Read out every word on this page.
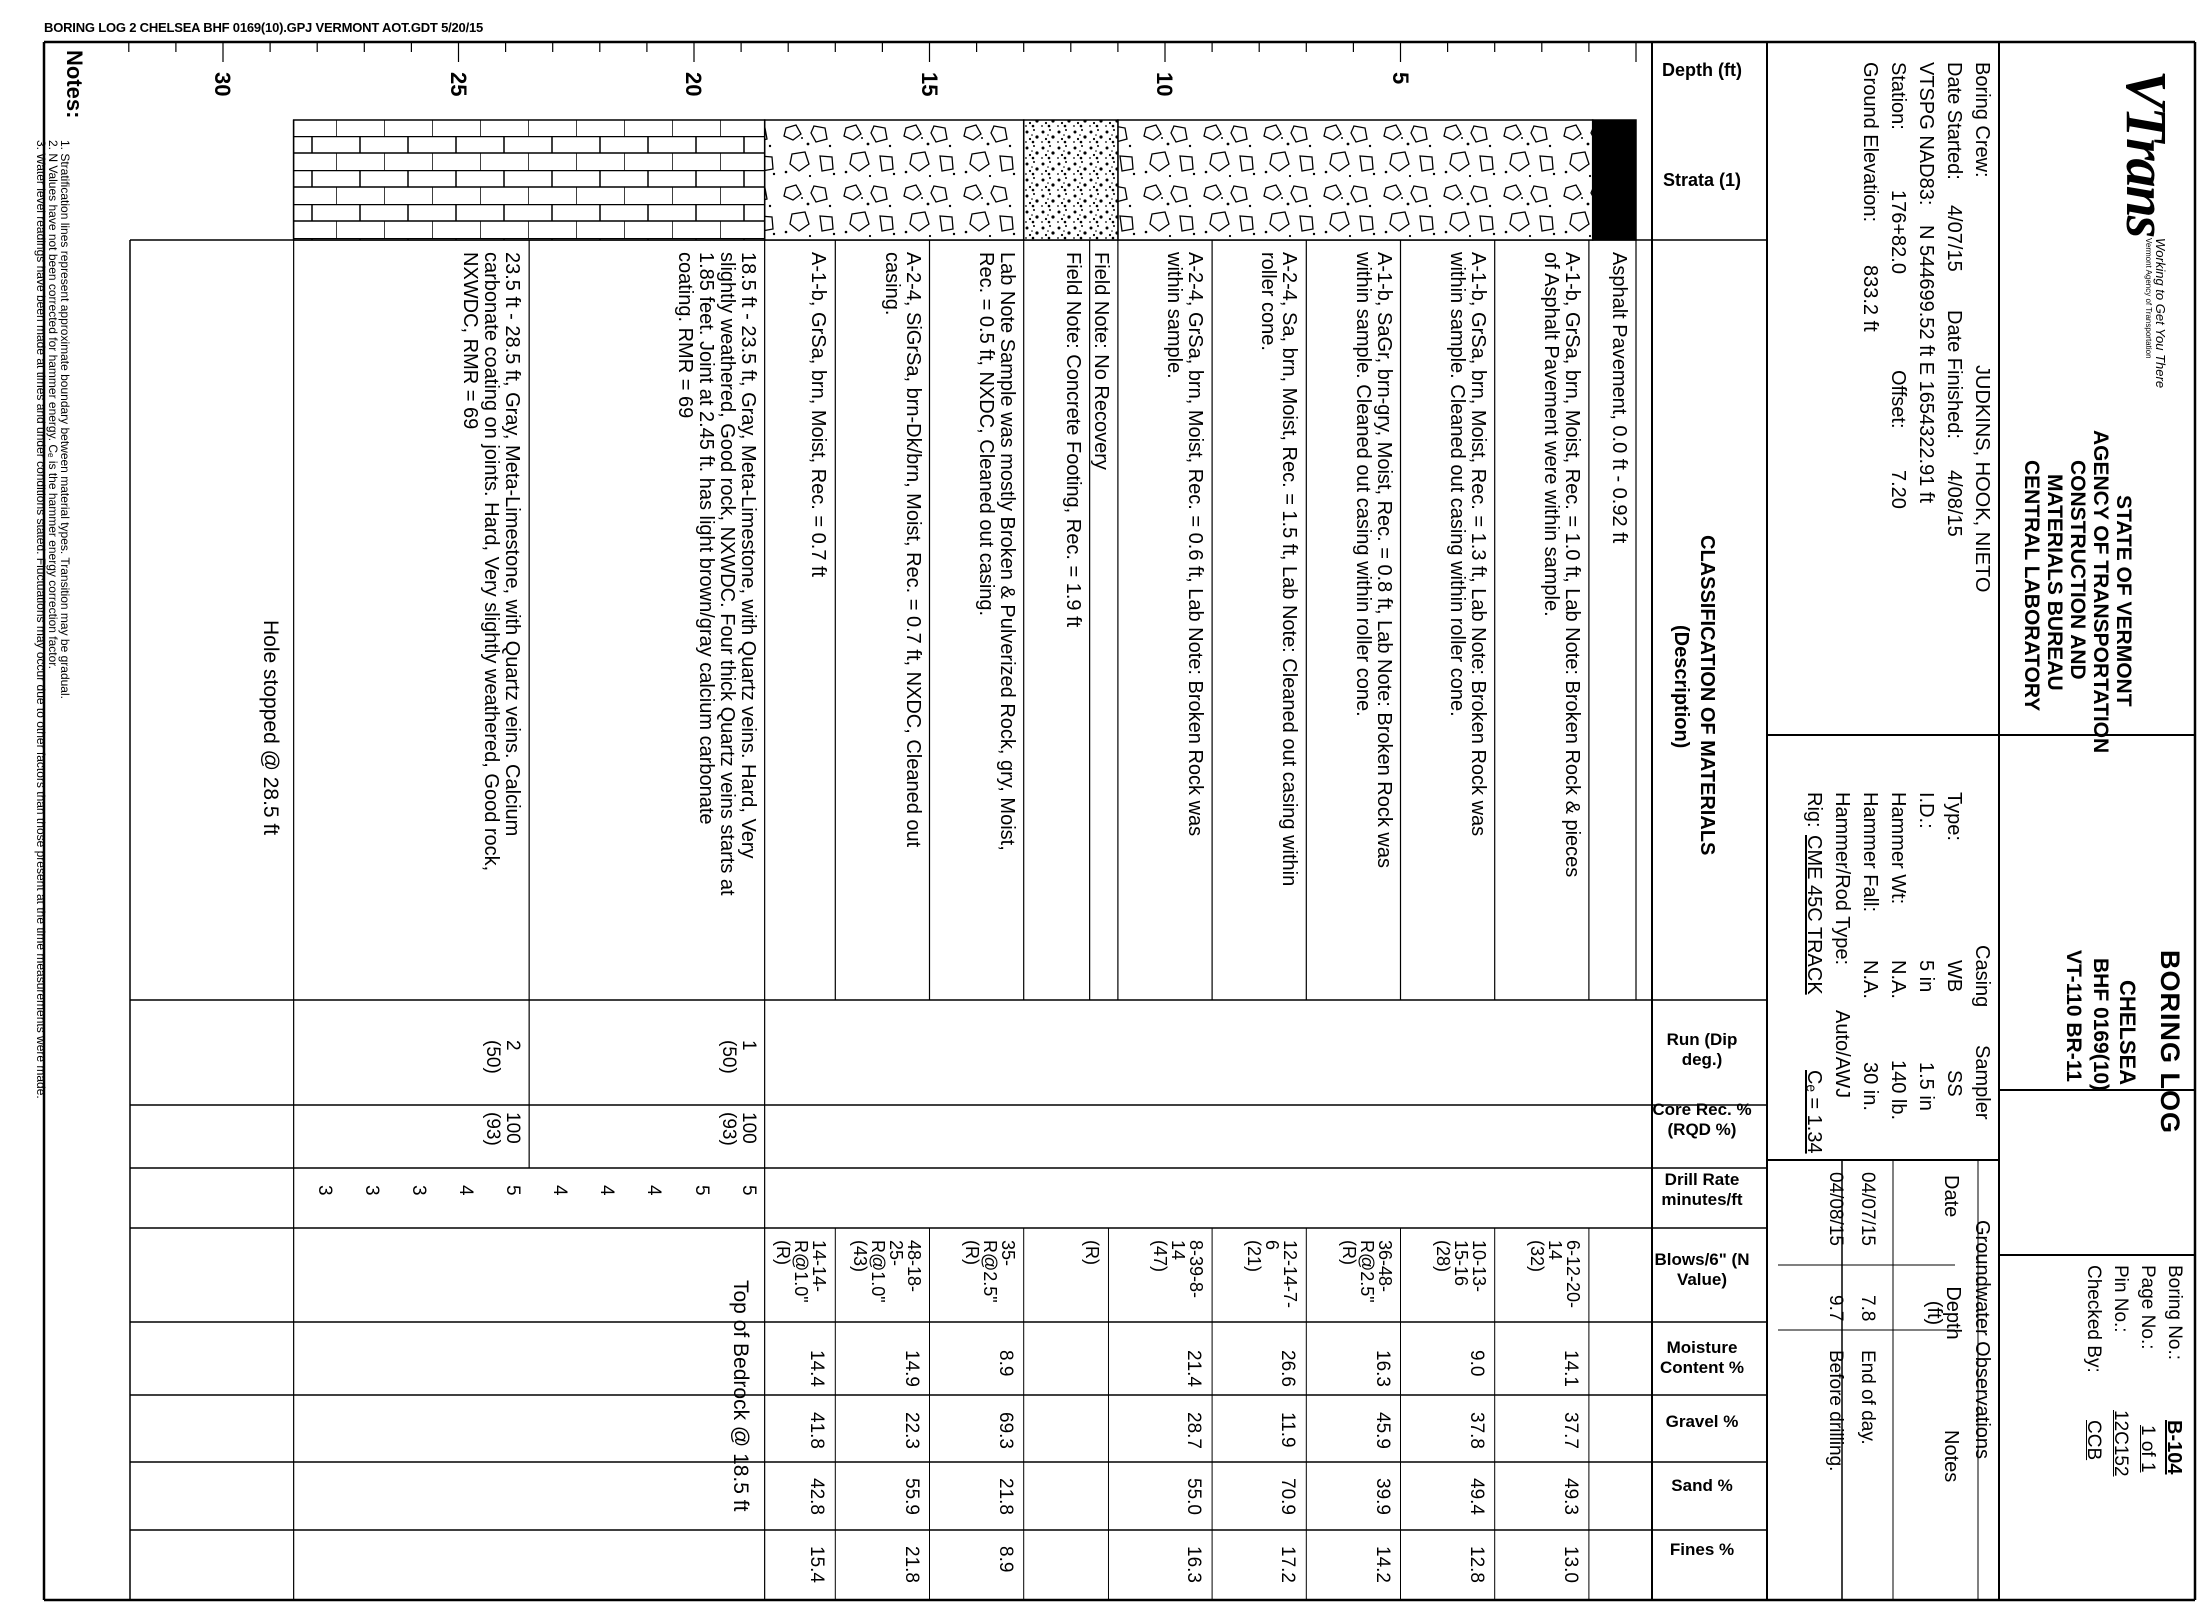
BORING LOG 2 CHELSEA BHF 0169(10).GPJ VERMONT AOT.GDT 5/20/15
BORING LOG
CHELSEA
BHF 0169(10)
VT-110 BR-11
VTrans
Working to Get You There
Vermont Agency of Transportation
STATE OF VERMONT
AGENCY OF TRANSPORTATION
CONSTRUCTION AND
MATERIALS BUREAU
CENTRAL LABORATORY
Boring No.:
B-104
Page No.:
1 of 1
Pin No.:
12C152
Checked By:
CCB
Boring Crew:
JUDKINS, HOOK, NIETO
Date Started:
4/07/15
Date Finished:
4/08/15
VTSPG NAD83:
N 544699.52 ft E 1654322.91 ft
Station:
176+82.0
Offset:
7.20
Ground Elevation:
833.2 ft
Casing
Sampler
Type:
WB
SS
I.D.:
5 in
1.5 in
Hammer Wt:
N.A.
140 lb.
Hammer Fall:
N.A.
30 in.
Hammer/Rod Type:
Auto/AWJ
Rig:
CME 45C TRACK
Cₑ = 1.34
Groundwater Observations
Date
Depth (ft)
Notes
04/07/15
7.8
End of day.
04/08/15
9.7
Before drilling.
Depth (ft)
Strata (1)
CLASSIFICATION OF MATERIALS
(Description)
Run (Dip deg.)
Core Rec. % (RQD %)
Drill Rate minutes/ft
Blows/6" (N Value)
Moisture Content %
Gravel %
Sand %
Fines %
5
10
15
20
25
30
Asphalt Pavement, 0.0 ft - 0.92 ft
A-1-b, GrSa, brn, Moist, Rec. = 1.0 ft, Lab Note: Broken Rock & pieces
of Asphalt Pavement were within sample.
A-1-b, GrSa, brn, Moist, Rec. = 1.3 ft, Lab Note: Broken Rock was
within sample. Cleaned out casing within roller cone.
A-1-b, SaGr, brn-gry, Moist, Rec. = 0.8 ft, Lab Note: Broken Rock was
within sample. Cleaned out casing within roller cone.
A-2-4, Sa, brn, Moist, Rec. = 1.5 ft, Lab Note: Cleaned out casing within
roller cone.
A-2-4, GrSa, brn, Moist, Rec. = 0.6 ft, Lab Note: Broken Rock was
within sample.
Field Note: No Recovery
Field Note: Concrete Footing, Rec. = 1.9 ft
Lab Note Sample was mostly Broken & Pulverized Rock, gry, Moist,
Rec. = 0.5 ft, NXDC, Cleaned out casing.
A-2-4, SiGrSa, brn-Dk/brn, Moist, Rec. = 0.7 ft, NXDC, Cleaned out
casing.
A-1-b, GrSa, brn, Moist, Rec. = 0.7 ft
18.5 ft - 23.5 ft, Gray, Meta-Limestone, with Quartz veins. Hard, Very
slightly weathered, Good rock, NXWDC. Four thick Quartz veins starts at
1.85 feet. Joint at 2.45 ft. has light brown/gray calcium carbonate
coating. RMR = 69
23.5 ft - 28.5 ft, Gray, Meta-Limestone, with Quartz veins. Calcium
carbonate coating on joints. Hard, Very slightly weathered, Good rock,
NXWDC, RMR = 69
1
(50)
100
(93)
2
(50)
100
(93)
5
5
4
4
4
5
4
3
3
3
6-12-20-
14
(32)
14.1
37.7
49.3
13.0
10-13-
15-16
(28)
9.0
37.8
49.4
12.8
36-48-
R@2.5"
(R)
16.3
45.9
39.9
14.2
12-14-7-
6
(21)
26.6
11.9
70.9
17.2
8-39-8-
14
(47)
21.4
28.7
55.0
16.3
(R)
35-
R@2.5"
(R)
8.9
69.3
21.8
8.9
48-18-
25-
R@1.0"
(43)
14.9
22.3
55.9
21.8
14-14-
R@1.0"
(R)
14.4
41.8
42.8
15.4
Hole stopped @ 28.5 ft
Top of Bedrock @ 18.5 ft
Notes:
1. Stratification lines represent approximate boundary between material types. Transition may be gradual.
2. N Values have not been corrected for hammer energy. Cₑ is the hammer energy correction factor.
3. Water level readings have been made at times and under conditions stated. Fluctuations may occur due to other factors than those present at the time measurements were made.
